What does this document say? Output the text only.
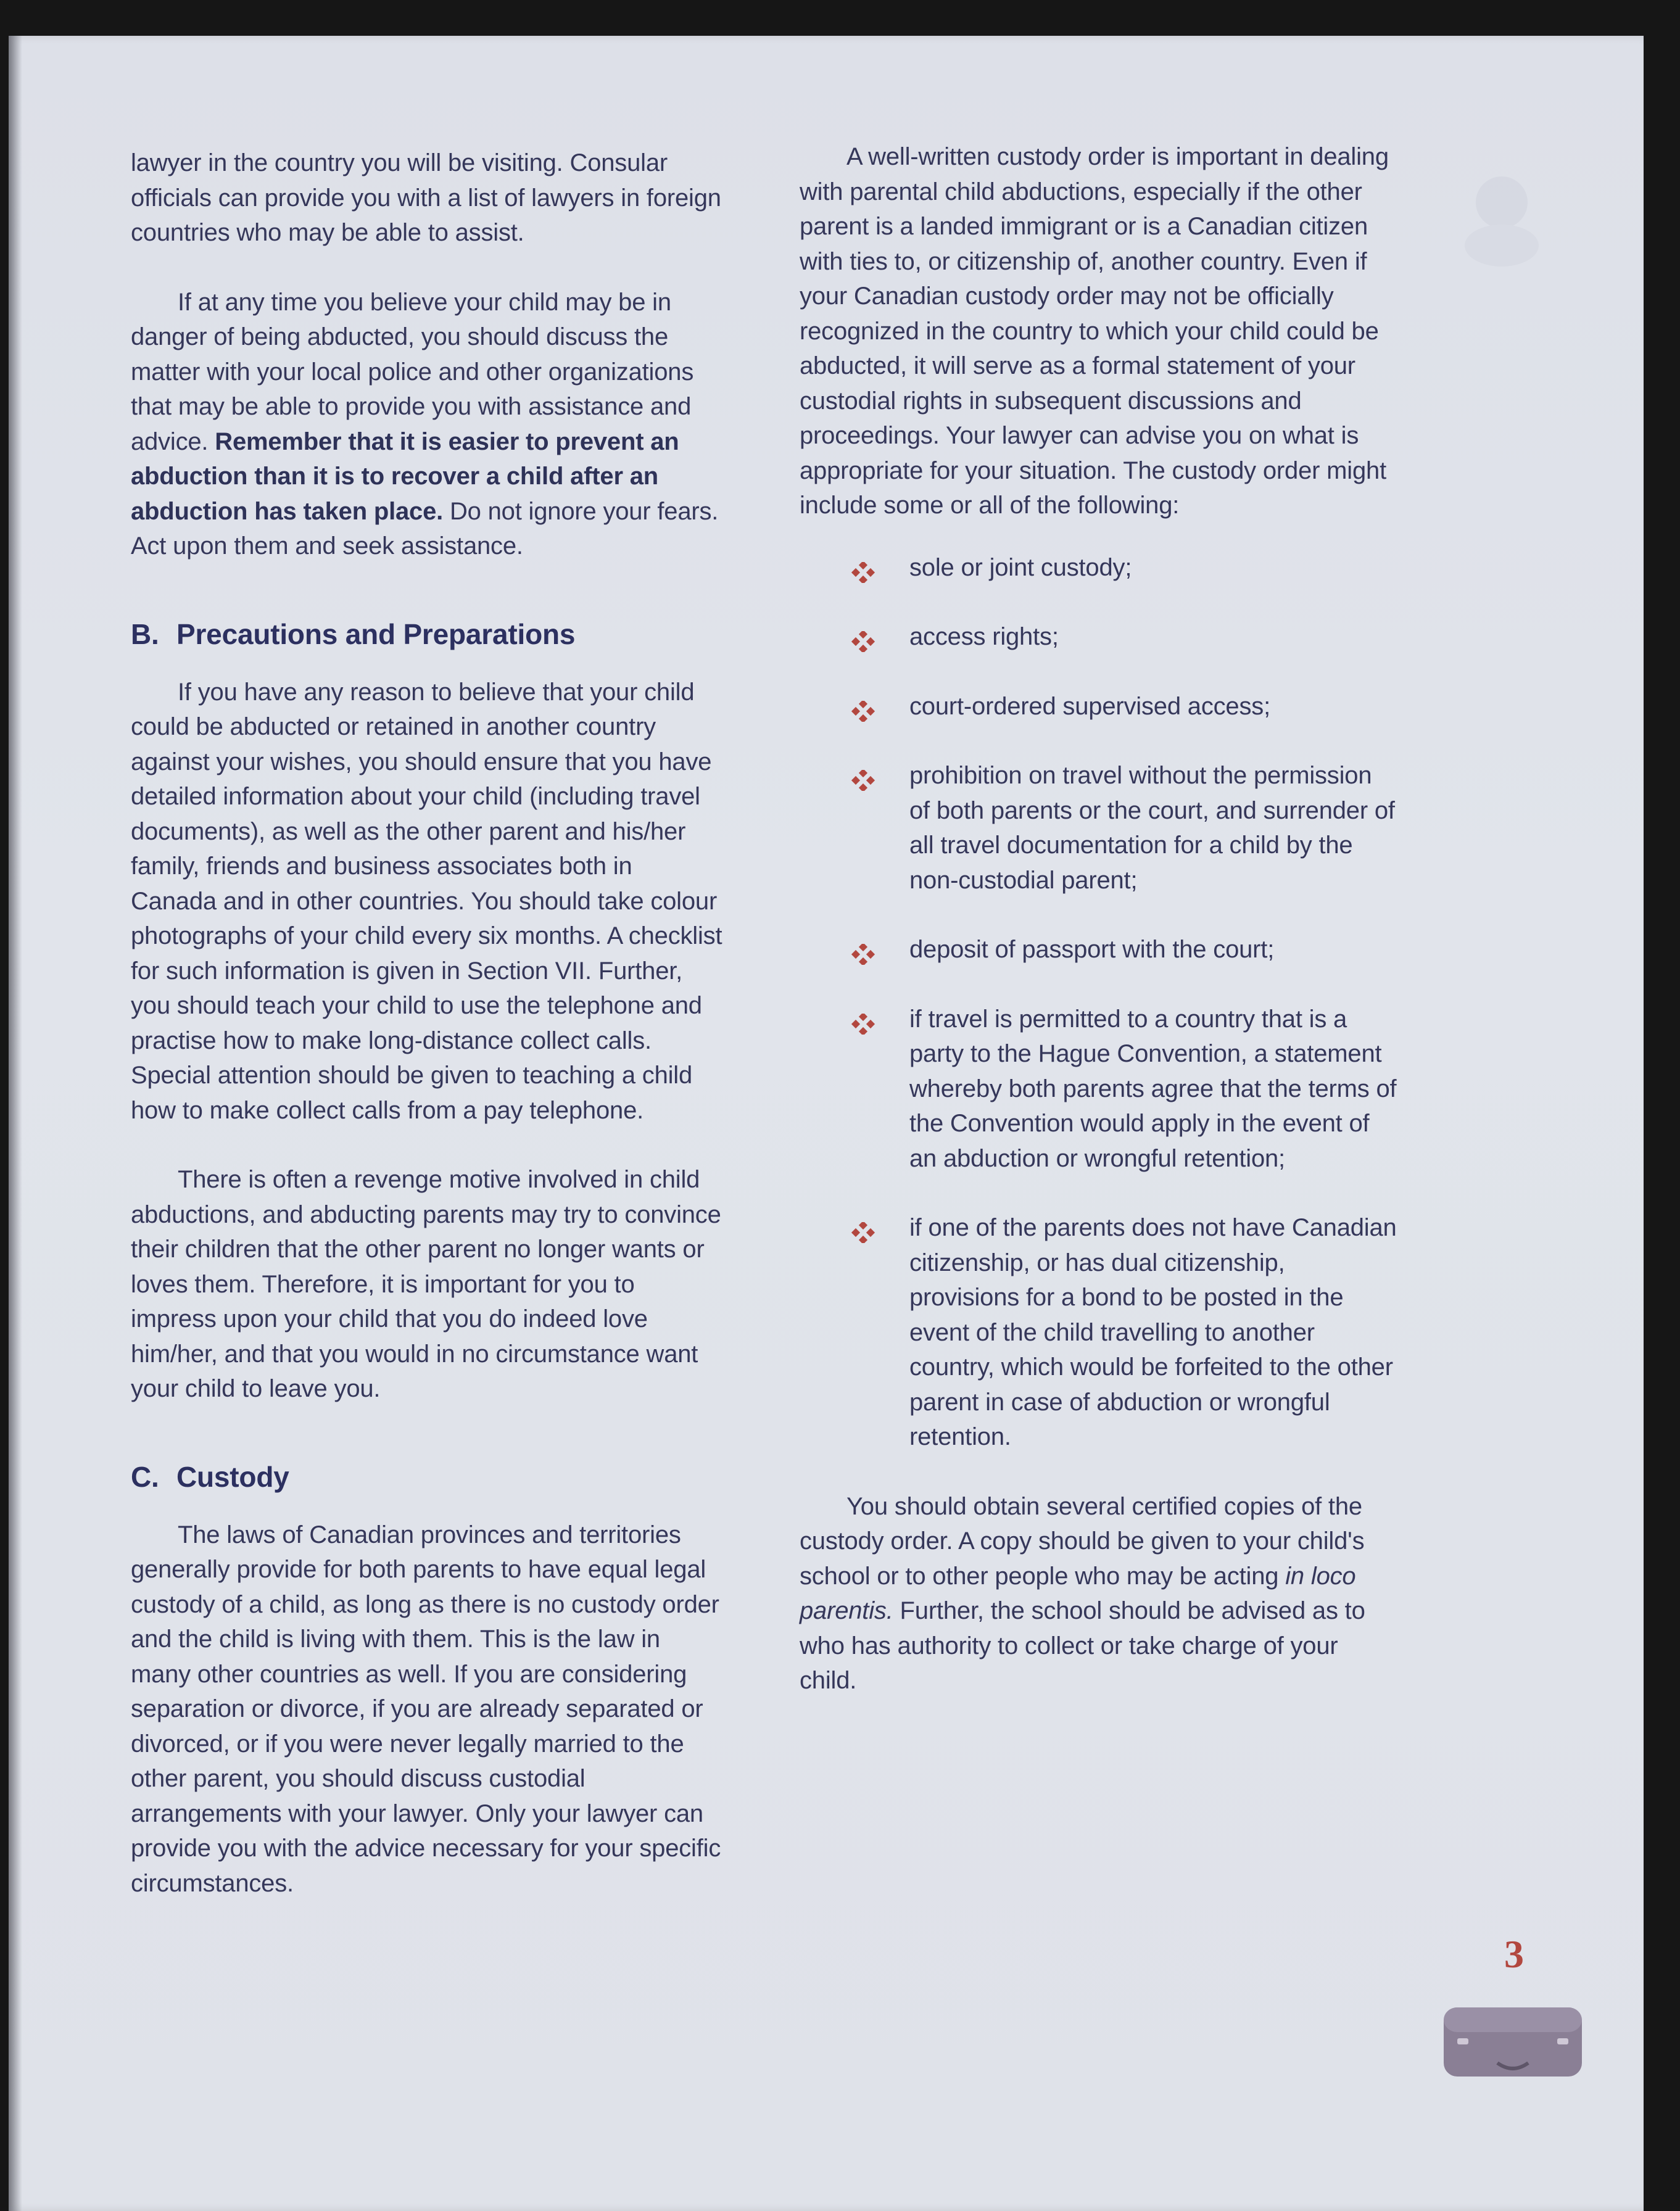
lawyer in the country you will be visiting. Consular officials can provide you with a list of lawyers in foreign countries who may be able to assist.

If at any time you believe your child may be in danger of being abducted, you should discuss the matter with your local police and other organizations that may be able to provide you with assistance and advice. Remember that it is easier to prevent an abduction than it is to recover a child after an abduction has taken place. Do not ignore your fears. Act upon them and seek assistance.

B. Precautions and Preparations

If you have any reason to believe that your child could be abducted or retained in another country against your wishes, you should ensure that you have detailed information about your child (including travel documents), as well as the other parent and his/her family, friends and business associates both in Canada and in other countries. You should take colour photographs of your child every six months. A checklist for such information is given in Section VII. Further, you should teach your child to use the telephone and practise how to make long-distance collect calls. Special attention should be given to teaching a child how to make collect calls from a pay telephone.

There is often a revenge motive involved in child abductions, and abducting parents may try to convince their children that the other parent no longer wants or loves them. Therefore, it is important for you to impress upon your child that you do indeed love him/her, and that you would in no circumstance want your child to leave you.

C. Custody

The laws of Canadian provinces and territories generally provide for both parents to have equal legal custody of a child, as long as there is no custody order and the child is living with them. This is the law in many other countries as well. If you are considering separation or divorce, if you are already separated or divorced, or if you were never legally married to the other parent, you should discuss custodial arrangements with your lawyer. Only your lawyer can provide you with the advice necessary for your specific circumstances.

A well-written custody order is important in dealing with parental child abductions, especially if the other parent is a landed immigrant or is a Canadian citizen with ties to, or citizenship of, another country. Even if your Canadian custody order may not be officially recognized in the country to which your child could be abducted, it will serve as a formal statement of your custodial rights in subsequent discussions and proceedings. Your lawyer can advise you on what is appropriate for your situation. The custody order might include some or all of the following:

sole or joint custody;
access rights;
court-ordered supervised access;
prohibition on travel without the permission of both parents or the court, and surrender of all travel documentation for a child by the non-custodial parent;
deposit of passport with the court;
if travel is permitted to a country that is a party to the Hague Convention, a statement whereby both parents agree that the terms of the Convention would apply in the event of an abduction or wrongful retention;
if one of the parents does not have Canadian citizenship, or has dual citizenship, provisions for a bond to be posted in the event of the child travelling to another country, which would be forfeited to the other parent in case of abduction or wrongful retention.

You should obtain several certified copies of the custody order. A copy should be given to your child's school or to other people who may be acting in loco parentis. Further, the school should be advised as to who has authority to collect or take charge of your child.

3
